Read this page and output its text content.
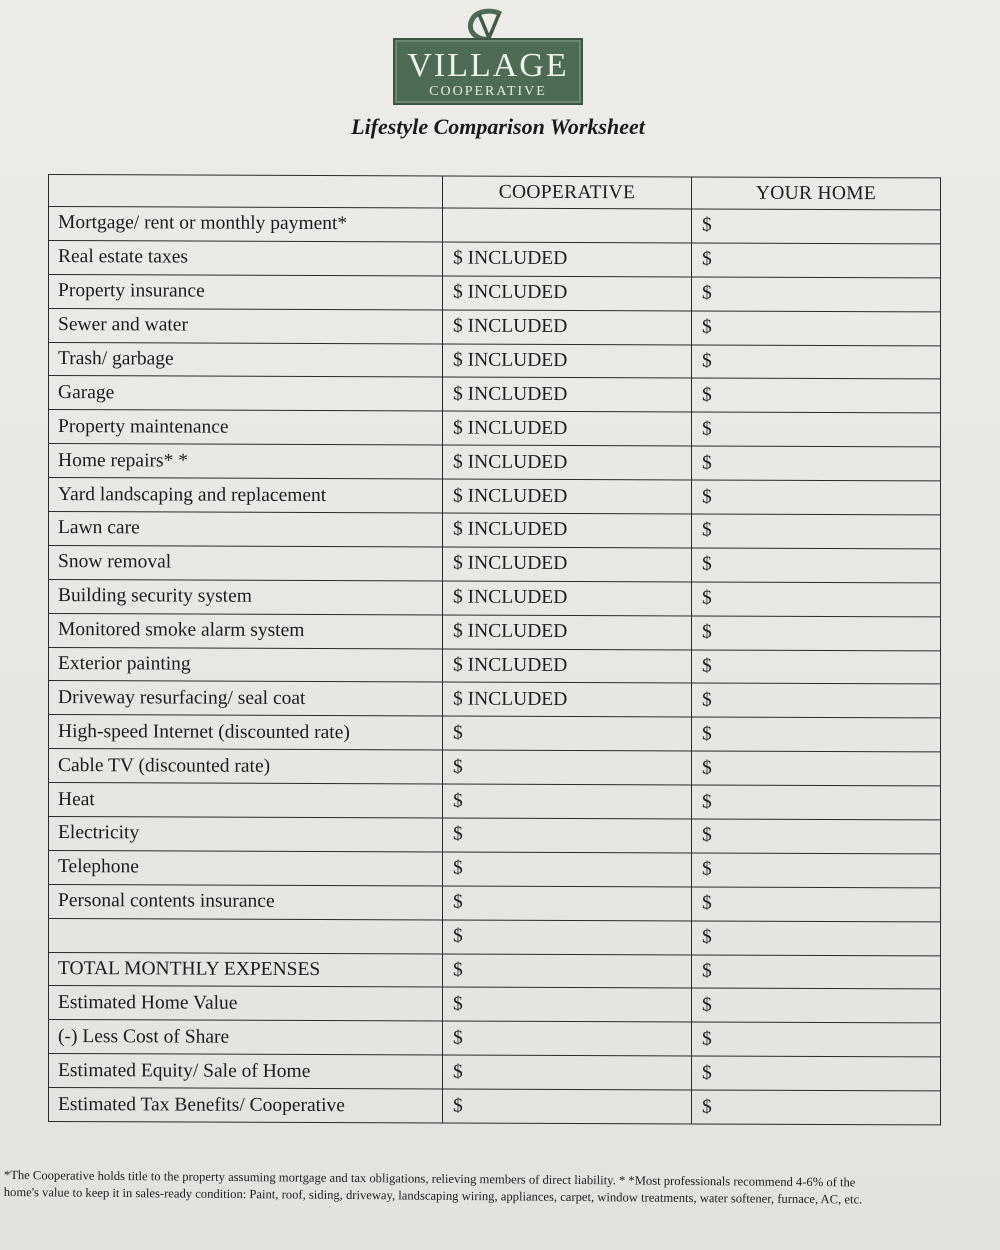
VILLAGE
COOPERATIVE
Lifestyle Comparison Worksheet
	COOPERATIVE	YOUR HOME
Mortgage/ rent or monthly payment*		$
Real estate taxes	$ INCLUDED	$
Property insurance	$ INCLUDED	$
Sewer and water	$ INCLUDED	$
Trash/ garbage	$ INCLUDED	$
Garage	$ INCLUDED	$
Property maintenance	$ INCLUDED	$
Home repairs* *	$ INCLUDED	$
Yard landscaping and replacement	$ INCLUDED	$
Lawn care	$ INCLUDED	$
Snow removal	$ INCLUDED	$
Building security system	$ INCLUDED	$
Monitored smoke alarm system	$ INCLUDED	$
Exterior painting	$ INCLUDED	$
Driveway resurfacing/ seal coat	$ INCLUDED	$
High-speed Internet (discounted rate)	$	$
Cable TV (discounted rate)	$	$
Heat	$	$
Electricity	$	$
Telephone	$	$
Personal contents insurance	$	$
	$	$
TOTAL MONTHLY EXPENSES	$	$
Estimated Home Value	$	$
(-) Less Cost of Share	$	$
Estimated Equity/ Sale of Home	$	$
Estimated Tax Benefits/ Cooperative	$	$
*The Cooperative holds title to the property assuming mortgage and tax obligations, relieving members of direct liability. * *Most professionals recommend 4-6% of the
home's value to keep it in sales-ready condition: Paint, roof, siding, driveway, landscaping wiring, appliances, carpet, window treatments, water softener, furnace, AC, etc.
